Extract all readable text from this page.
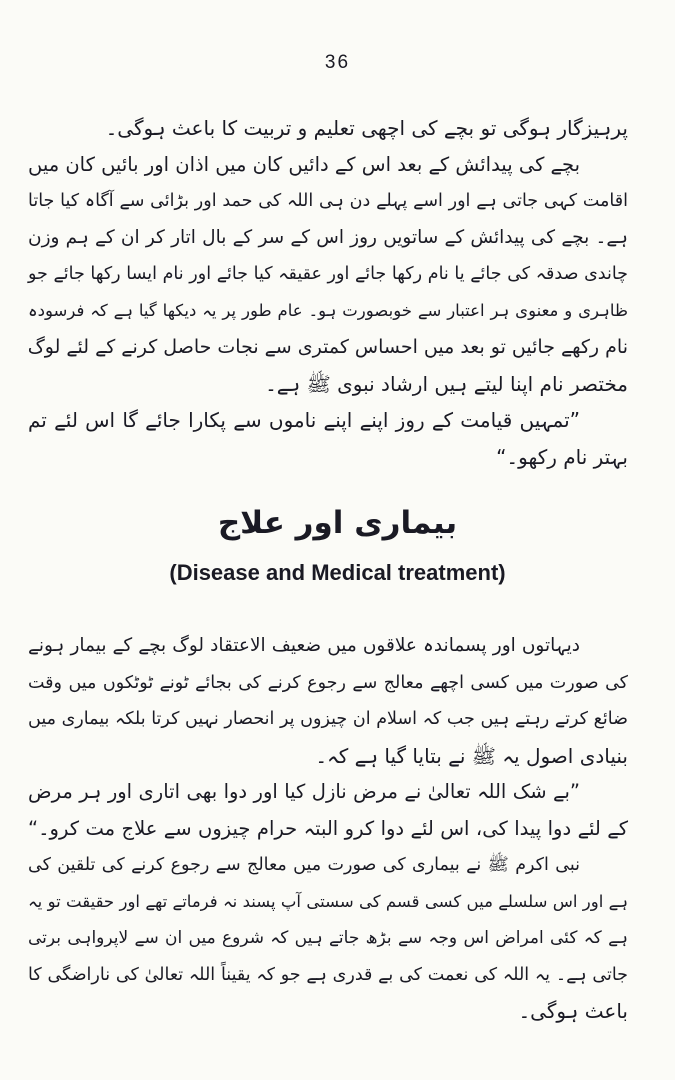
36
پرہیزگار ہوگی تو بچے کی اچھی تعلیم و تربیت کا باعث ہوگی۔
بچے کی پیدائش کے بعد اس کے دائیں کان میں اذان اور بائیں کان میں
اقامت کہی جاتی ہے اور اسے پہلے دن ہی اللہ کی حمد اور بڑائی سے آگاہ کیا جاتا
ہے۔ بچے کی پیدائش کے ساتویں روز اس کے سر کے بال اتار کر ان کے ہم وزن
چاندی صدقہ کی جائے یا نام رکھا جائے اور عقیقہ کیا جائے اور نام ایسا رکھا جائے جو
ظاہری و معنوی ہر اعتبار سے خوبصورت ہو۔ عام طور پر یہ دیکھا گیا ہے کہ فرسودہ
نام رکھے جائیں تو بعد میں احساس کمتری سے نجات حاصل کرنے کے لئے لوگ
مختصر نام اپنا لیتے ہیں ارشاد نبوی ﷺ ہے۔
”تمہیں قیامت کے روز اپنے اپنے ناموں سے پکارا جائے گا اس لئے تم
بہتر نام رکھو۔“
بیماری اور علاج
(Disease and Medical treatment)
دیہاتوں اور پسماندہ علاقوں میں ضعیف الاعتقاد لوگ بچے کے بیمار ہونے
کی صورت میں کسی اچھے معالج سے رجوع کرنے کی بجائے ٹونے ٹوٹکوں میں وقت
ضائع کرتے رہتے ہیں جب کہ اسلام ان چیزوں پر انحصار نہیں کرتا بلکہ بیماری میں
بنیادی اصول یہ ﷺ نے بتایا گیا ہے کہ۔
”بے شک اللہ تعالیٰ نے مرض نازل کیا اور دوا بھی اتاری اور ہر مرض
کے لئے دوا پیدا کی، اس لئے دوا کرو البتہ حرام چیزوں سے علاج مت کرو۔“
نبی اکرم ﷺ نے بیماری کی صورت میں معالج سے رجوع کرنے کی تلقین کی
ہے اور اس سلسلے میں کسی قسم کی سستی آپ پسند نہ فرماتے تھے اور حقیقت تو یہ
ہے کہ کئی امراض اس وجہ سے بڑھ جاتے ہیں کہ شروع میں ان سے لاپرواہی برتی
جاتی ہے۔ یہ اللہ کی نعمت کی بے قدری ہے جو کہ یقیناً اللہ تعالیٰ کی ناراضگی کا
باعث ہوگی۔
